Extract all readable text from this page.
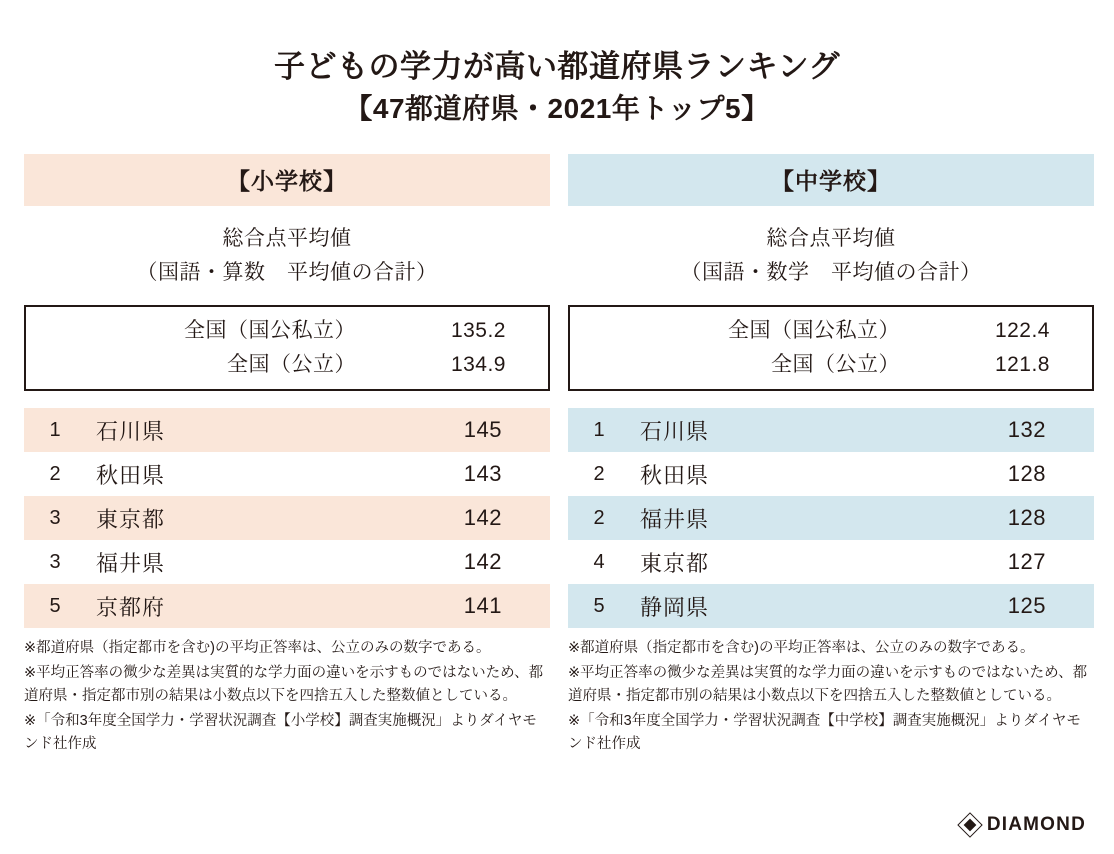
子どもの学力が高い都道府県ランキング
【47都道府県・2021年トップ5】
【小学校】
総合点平均値
（国語・算数　平均値の合計）
全国（国公私立）	135.2
全国（公立）	134.9
1	石川県	145
2	秋田県	143
3	東京都	142
3	福井県	142
5	京都府	141

※都道府県（指定都市を含む)の平均正答率は、公立のみの数字である。

※平均正答率の微少な差異は実質的な学力面の違いを示すものではないため、都道府県・指定都市別の結果は小数点以下を四捨五入した整数値としている。

※「令和3年度全国学力・学習状況調査【小学校】調査実施概況」よりダイヤモンド社作成

【中学校】
総合点平均値
（国語・数学　平均値の合計）
全国（国公私立）	122.4
全国（公立）	121.8
1	石川県	132
2	秋田県	128
2	福井県	128
4	東京都	127
5	静岡県	125

※都道府県（指定都市を含む)の平均正答率は、公立のみの数字である。

※平均正答率の微少な差異は実質的な学力面の違いを示すものではないため、都道府県・指定都市別の結果は小数点以下を四捨五入した整数値としている。

※「令和3年度全国学力・学習状況調査【中学校】調査実施概況」よりダイヤモンド社作成

DIAMOND
